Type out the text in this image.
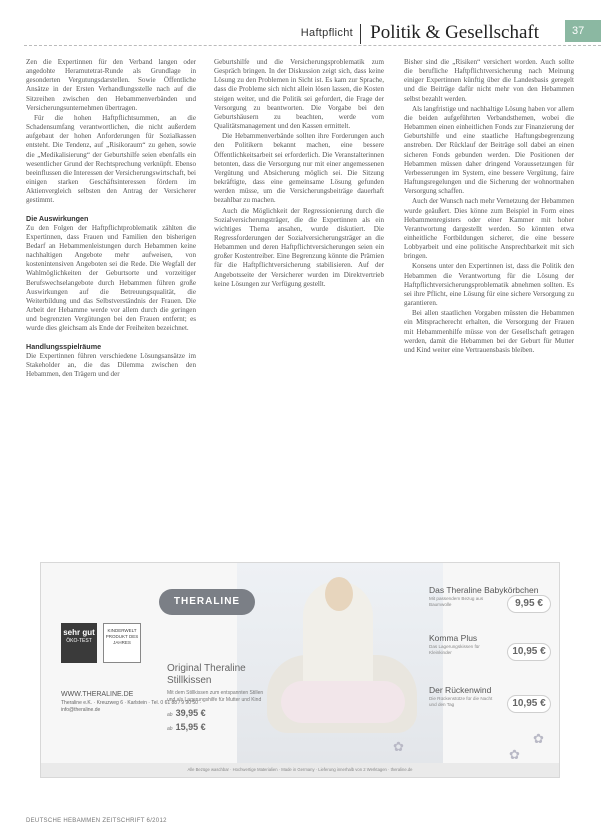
Haftpflicht Politik & Gesellschaft	37

Zen die Expertinnen für den Verband langen oder angedohte Heramutetrat-Runde als Grundlage in gesonderten Vergutungsdarstellen. Sowie Öffentliche Ansätze in der Ersten Verhandlungsstelle nach auf die Sitzreihen zwischen den Hebammenverbänden und Versicherungsunternehmen übertragen.

Für die hohen Haftpflichtsummen, an die Schadensumfang verantwortlichen, die nicht außerdem aufgebaut der hohen Anforderungen für Sozialkassen entsteht. Die Tendenz, auf „Risikoraum“ zu gehen, sowie die „Medikalisierung“ der Geburtshilfe seien ebenfalls ein wesentlicher Grund der Rechtsprechung verknüpft. Ebenso beeinflussen die Interessen der Versicherungswirtschaft, bei einigen starken Geschäftsinteressen fördern im Aktienvergleich selbsten den Antrag der Versicherer gestimmt.

Die Auswirkungen

Zu den Folgen der Haftpflichtproblematik zählten die Expertinnen, dass Frauen und Familien den bisherigen Bedarf an Hebammenleistungen durch Hebammen keine nachhaltigen Angebote mehr aufweisen, von kostenintensiven Angeboten sei die Rede. Die Wegfall der Wahlmöglichkeiten der Geburtsorte und vorzeitiger Berufswechselangebote durch Hebammen führen große Auswirkungen auf die Betreuungsqualität, die Weiterbildung und das Selbstverständnis der Frauen. Die Arbeit der Hebamme werde vor allem durch die geringen und begrenzten Vergütungen bei den Frauen entfernt; es wurde dies gleichsam als Ende der Freiheiten bezeichnet.

Handlungsspielräume

Die Expertinnen führen verschiedene Lösungsansätze im Stakeholder an, die das Dilemma zwischen den Hebammen, den Trägern und der

Geburtshilfe und die Versicherungsproblematik zum Gespräch bringen. In der Diskussion zeigt sich, dass keine Lösung zu den Problemen in Sicht ist. Es kam zur Sprache, dass die Probleme sich nicht allein lösen lassen, die Kosten steigen weiter, und die Politik sei gefordert, die Frage der Versorgung zu beantworten. Die Vorgabe bei den Geburtshäusern zu beachten, werde vom Qualitätsmanagement und den Kassen ermittelt.

Die Hebammenverbände sollten ihre Forderungen auch den Politikern bekannt machen, eine bessere Öffentlichkeitsarbeit sei erforderlich. Die Veranstalterinnen betonten, dass die Versorgung nur mit einer angemessenen Vergütung und Absicherung möglich sei. Die Sitzung bekräftigte, dass eine gemeinsame Lösung gefunden werden müsse, um die Versicherungsbeiträge dauerhaft bezahlbar zu machen.

Auch die Möglichkeit der Regressionierung durch die Sozialversicherungsträger, die die Expertinnen als ein wichtiges Thema ansahen, wurde diskutiert. Die Regressforderungen der Sozialversicherungsträger an die Hebammen und deren Haftpflichtversicherungen seien ein großer Kostentreiber. Eine Begrenzung könnte die Prämien für die Haftpflichtversicherung stabilisieren. Auf der Angebotsseite der Versicherer wurden im Direktvertrieb keine Lösungen zur Verfügung gestellt.

Bisher sind die „Risiken“ versichert worden. Auch sollte die berufliche Haftpflichtversicherung nach Meinung einiger Expertinnen künftig über die Landesbasis geregelt und die Beiträge dafür nicht mehr von den Hebammen selbst bezahlt werden.

Als langfristige und nachhaltige Lösung haben vor allem die beiden aufgeführten Verbandsthemen, wobei die Hebammen einen einheitlichen Fonds zur Finanzierung der Geburtshilfe und eine staatliche Haftungsbegrenzung anstreben. Der Rücklauf der Beiträge soll dabei an einen sicheren Fonds gebunden werden. Die Positionen der Hebammen müssen daher dringend Voraussetzungen für Verbesserungen im System, eine bessere Vergütung, faire Haftungsregelungen und die Sicherung der wohnortnahen Versorgung schaffen.

Auch der Wunsch nach mehr Vernetzung der Hebammen wurde geäußert. Dies könne zum Beispiel in Form eines Hebammenregisters oder einer Kammer mit hoher Verantwortung dargestellt werden. So könnten etwa einheitliche Fortbildungen sicherer, die eine bessere Lobbyarbeit und eine politische Ansprechbarkeit mit sich bringen.

Konsens unter den Expertinnen ist, dass die Politik den Hebammen die Verantwortung für die Lösung der Haftpflichtversicherungsproblematik abnehmen sollten. Es sei ihre Pflicht, eine Lösung für eine sichere Versorgung zu garantieren.

Bei allen staatlichen Vorgaben müssten die Hebammen ein Mitspracherecht erhalten, die Versorgung der Frauen mit Hebammenhilfe müsse von der Gesellschaft getragen werden, damit die Hebammen bei der Geburt für Mutter und Kind weiter eine Vertrauensbasis bleiben.

THERALINE
sehr gut
ÖKO-TEST
KINDERWELT PRODUKT DES JAHRES
WWW.THERALINE.DE
Theraline e.K. · Kreuzweg 6 · Karlstein · Tel. 0 61 88 / 9 90 50 · info@theraline.de
Original Theraline Stillkissen
Mit dem Stillkissen zum entspannten Stillen und als Lagerungshilfe für Mutter und Kind
ab 39,95 €
ab 15,95 €
Das Theraline Babykörbchen
Mit passendem Bezug aus Baumwolle	9,95 €
Komma Plus
Das Lagerungskissen für Kleinkinder	10,95 €
Der Rückenwind
Die Rückenstütze für die Nacht und den Tag	10,95 €
✿
✿
✿
Alle Bezüge waschbar · Hochwertige Materialien · Made in Germany · Lieferung innerhalb von 2 Werktagen · theraline.de
DEUTSCHE HEBAMMEN ZEITSCHRIFT 6/2012
